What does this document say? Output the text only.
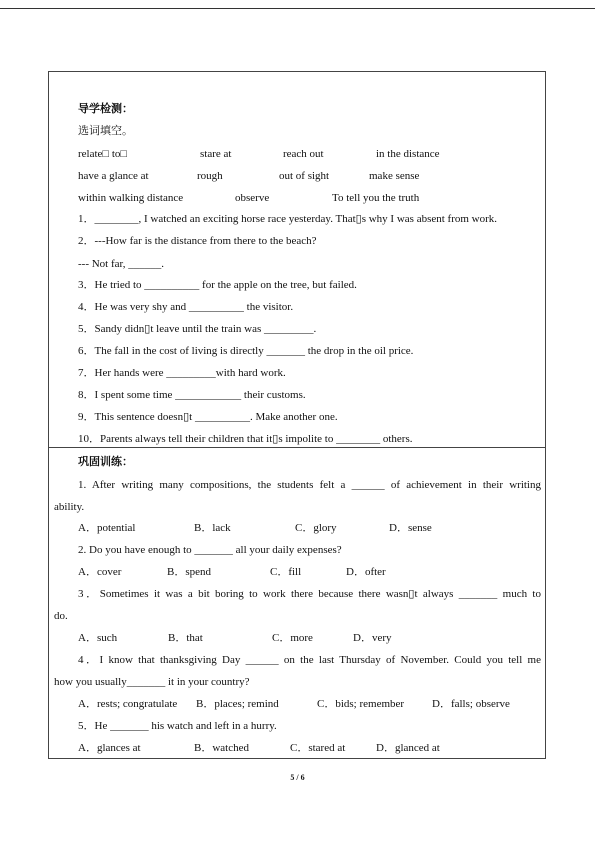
导学检测：
选词填空。
relate□ to□	stare at	reach out	in the distance
have a glance at	rough	out of sight	make sense
within walking distance	observe	To tell you the truth
1．________, I watched an exciting horse race yesterday. That▯s why I was absent from work.
2．---How far is the distance from there to the beach?
--- Not far, ______.
3．He tried to __________ for the apple on the tree, but failed.
4．He was very shy and __________ the visitor.
5．Sandy didn▯t leave until the train was _________.
6．The fall in the cost of living is directly _______ the drop in the oil price.
7．Her hands were _________with hard work.
8．I spent some time ____________ their customs.
9．This sentence doesn▯t __________. Make another one.
10．Parents always tell their children that it▯s impolite to ________ others.
巩固训练：
1. After writing many compositions, the students felt a ______ of achievement in their writing
ability.
A．potential	B．lack	C．glory	D．sense
2. Do you have enough to _______ all your daily expenses?
A．cover	B．spend	C．fill	D．ofter
3．Sometimes it was a bit boring to work there because there wasn▯t always _______ much to
do.
A．such	B．that	C．more	D．very
4．I know that thanksgiving Day ______ on the last Thursday of November. Could you tell me
how you usually_______ it in your country?
A．rests; congratulate B．places; remind	C．bids; remember	D．falls; observe
5．He _______ his watch and left in a hurry.
A．glances at	B．watched	C．stared at	D．glanced at
5 / 6
